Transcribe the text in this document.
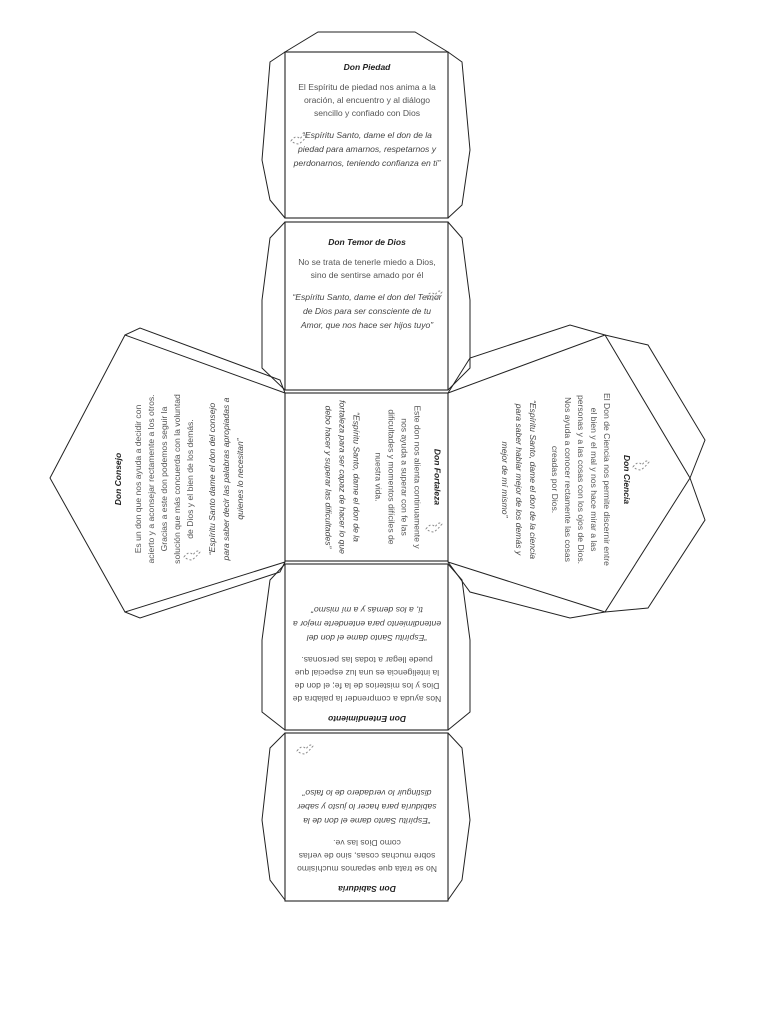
Don Piedad
El Espíritu de piedad nos anima a la oración, al encuentro y al diálogo sencillo y confiado con Dios
“Espíritu Santo, dame el don de la piedad para amarnos, respetarnos y perdonarnos, teniendo confianza en ti”
Don Temor de Dios
No se trata de tenerle miedo a Dios, sino de sentirse amado por él
“Espíritu Santo, dame el don del Temor de Dios para ser consciente de tu Amor, que nos hace ser hijos tuyo”
Don Fortaleza
Este don nos alienta continuamente y nos ayuda a superar con fe las dificultades y momentos difíciles de nuestra vida.
“Espíritu Santo, dame el don de la fortaleza para ser capaz de hacer lo que debo hacer y superar las dificultades”
Don Consejo Es un don que nos ayuda a decidir con acierto y a aconsejar rectamente a los otros. Gracias a este don podemos seguir la solución que más concuerda con la voluntad de Dios y el bien de los demás. “Espíritu Santo dame el don del consejo para saber decir las palabras apropiadas a quienes lo necesitan”	Don Ciencia
El Don de Ciencia nos permite discernir entre el bien y el mal y nos hace mirar a las personas y a las cosas con los ojos de Dios. Nos ayuda a conocer rectamente las cosas creadas por Dios.
“Espíritu Santo, dame el don de la ciencia para saber hablar mejor de los demás y mejor de mí mismo”
Don Entendimiento
Nos ayuda a comprender la palabra de Dios y los misterios de la fe; el don de la inteligencia es una luz especial que puede llegar a todas las personas.
“Espíritu Santo dame el don del entendimiento para entenderte mejor a ti, a los demás y a mí mismo”
Don Sabiduría
No se trata que sepamos muchísimo sobre muchas cosas, sino de verlas como Dios las ve.
“Espíritu Santo dame el don de la sabiduría para hacer lo justo y saber distinguir lo verdadero de lo falso”
